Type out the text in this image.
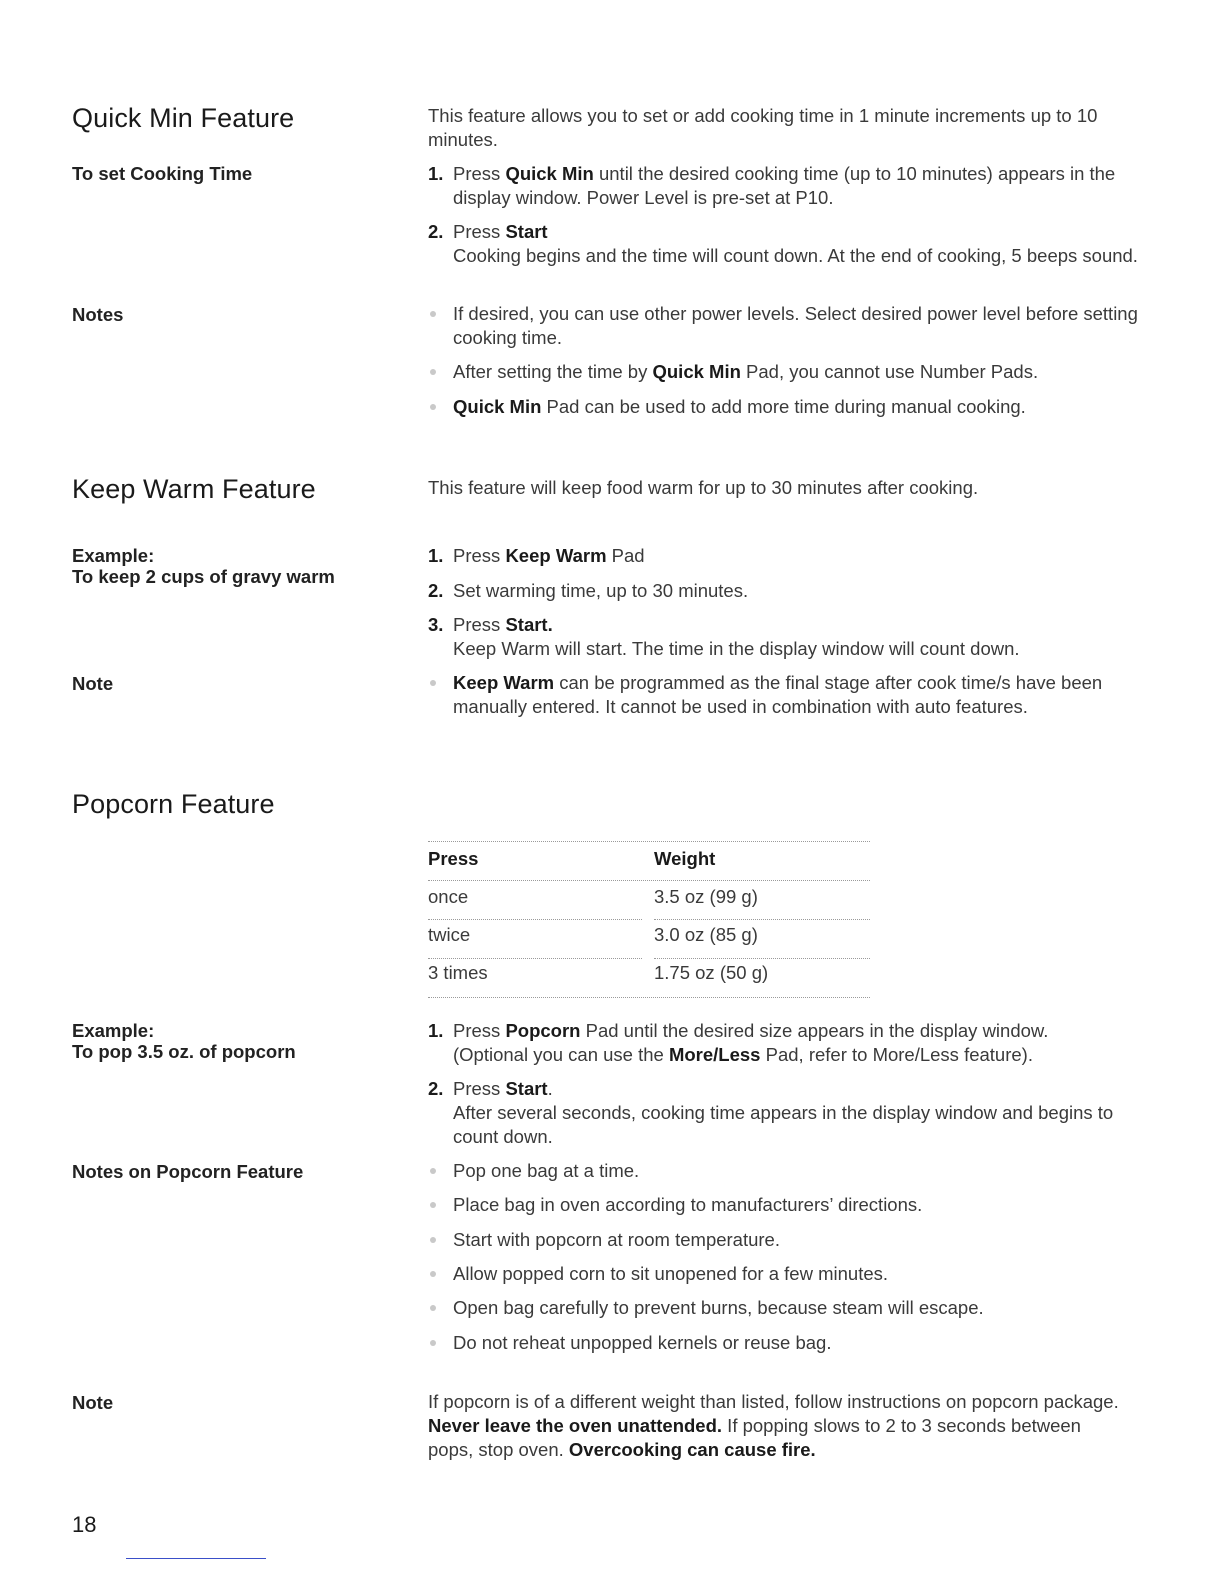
Quick Min Feature	This feature allows you to set or add cooking time in 1 minute increments up to 10 minutes.
To set Cooking Time	1. Press Quick Min until the desired cooking time (up to 10 minutes) appears in the display window. Power Level is pre-set at P10.
2. Press Start
Cooking begins and the time will count down. At the end of cooking, 5 beeps sound.
Notes	If desired, you can use other power levels. Select desired power level before setting cooking time.
After setting the time by Quick Min Pad, you cannot use Number Pads.
Quick Min Pad can be used to add more time during manual cooking.
Keep Warm Feature	This feature will keep food warm for up to 30 minutes after cooking.
Example:
To keep 2 cups of gravy warm
1. Press Keep Warm Pad
2. Set warming time, up to 30 minutes.
3. Press Start.
Keep Warm will start. The time in the display window will count down.
Note	Keep Warm can be programmed as the final stage after cook time/s have been manually entered. It cannot be used in combination with auto features.
Popcorn Feature
Press	Weight
once	3.5 oz (99 g)
twice	3.0 oz (85 g)
3 times	1.75 oz (50 g)
Example:
To pop 3.5 oz. of popcorn
1. Press Popcorn Pad until the desired size appears in the display window.
(Optional you can use the More/Less Pad, refer to More/Less feature).
2. Press Start.
After several seconds, cooking time appears in the display window and begins to count down.
Notes on Popcorn Feature	Pop one bag at a time.
Place bag in oven according to manufacturers’ directions.
Start with popcorn at room temperature.
Allow popped corn to sit unopened for a few minutes.
Open bag carefully to prevent burns, because steam will escape.
Do not reheat unpopped kernels or reuse bag.
Note	If popcorn is of a different weight than listed, follow instructions on popcorn package. Never leave the oven unattended. If popping slows to 2 to 3 seconds between pops, stop oven. Overcooking can cause fire.
18
